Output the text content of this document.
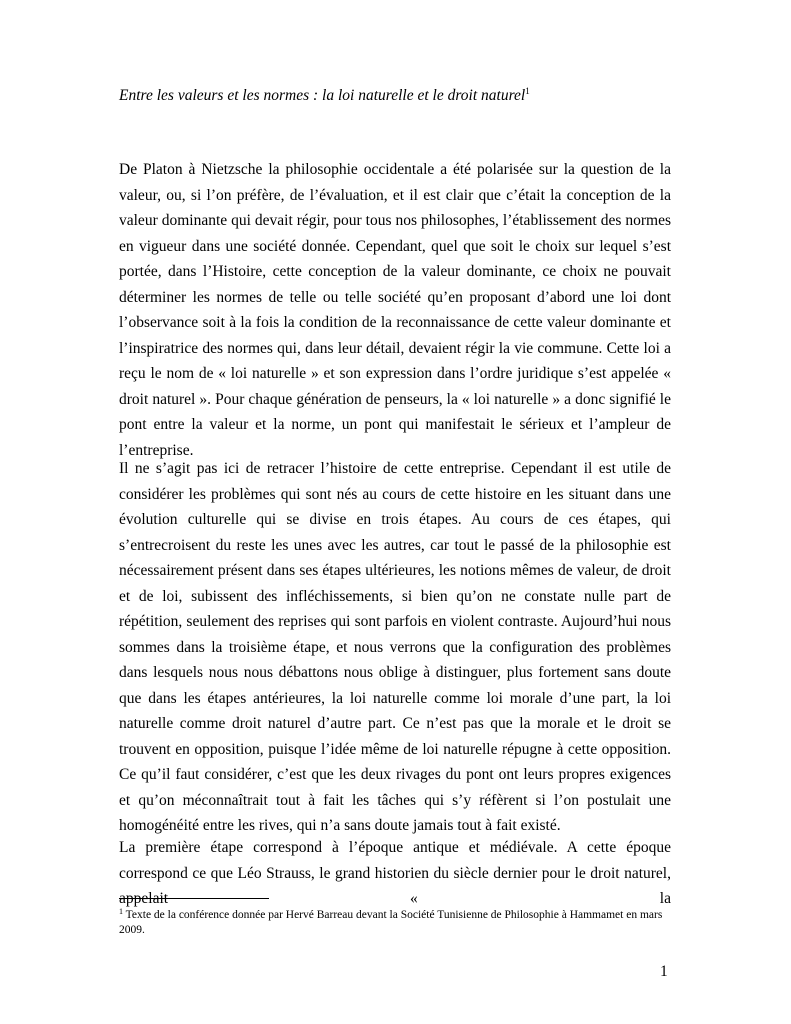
Entre les valeurs et les normes : la loi naturelle et le droit naturel$^1$

De Platon à Nietzsche la philosophie occidentale a été polarisée sur la question de la valeur, ou, si l’on préfère, de l’évaluation, et il est clair que c’était la conception de la valeur dominante qui devait régir, pour tous nos philosophes, l’établissement des normes en vigueur dans une société donnée. Cependant, quel que soit le choix sur lequel s’est portée, dans l’Histoire, cette conception de la valeur dominante, ce choix ne pouvait déterminer les normes de telle ou telle société qu’en proposant d’abord une loi dont l’observance soit à la fois la condition de la reconnaissance de cette valeur dominante et l’inspiratrice des normes qui, dans leur détail, devaient régir la vie commune. Cette loi a reçu le nom de « loi naturelle » et son expression dans l’ordre juridique s’est appelée « droit naturel ». Pour chaque génération de penseurs, la « loi naturelle » a donc signifié le pont entre la valeur et la norme, un pont qui manifestait le sérieux et l’ampleur de l’entreprise.

Il ne s’agit pas ici de retracer l’histoire de cette entreprise. Cependant il est utile de considérer les problèmes qui sont nés au cours de cette histoire en les situant dans une évolution culturelle qui se divise en trois étapes. Au cours de ces étapes, qui s’entrecroisent du reste les unes avec les autres, car tout le passé de la philosophie est nécessairement présent dans ses étapes ultérieures, les notions mêmes de valeur, de droit et de loi, subissent des infléchissements, si bien qu’on ne constate nulle part de répétition, seulement des reprises qui sont parfois en violent contraste. Aujourd’hui nous sommes dans la troisième étape, et nous verrons que la configuration des problèmes dans lesquels nous nous débattons nous oblige à distinguer, plus fortement sans doute que dans les étapes antérieures, la loi naturelle comme loi morale d’une part, la loi naturelle comme droit naturel d’autre part. Ce n’est pas que la morale et le droit se trouvent en opposition, puisque l’idée même de loi naturelle répugne à cette opposition. Ce qu’il faut considérer, c’est que les deux rivages du pont ont leurs propres exigences et qu’on méconnaîtrait tout à fait les tâches qui s’y réfèrent si l’on postulait une homogénéité entre les rives, qui n’a sans doute jamais tout à fait existé.

La première étape correspond à l’époque antique et médiévale. A cette époque correspond ce que Léo Strauss, le grand historien du siècle dernier pour le droit naturel, appelait « la

$^1$ Texte de la conférence donnée par Hervé Barreau devant la Société Tunisienne de Philosophie à Hammamet en mars 2009.
1
